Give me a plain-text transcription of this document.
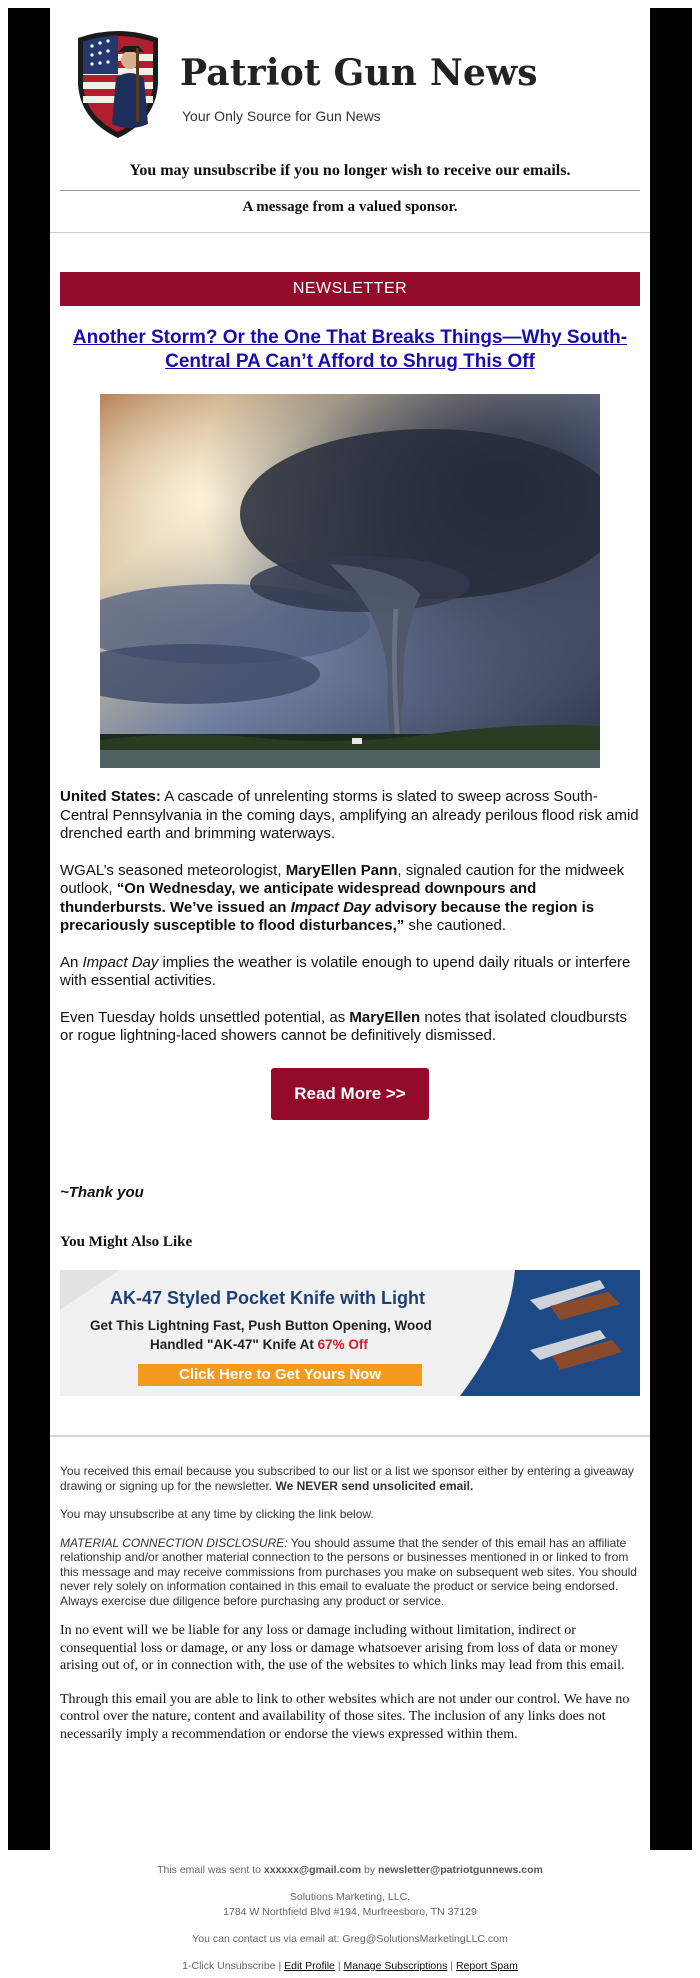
Patriot Gun News
Your Only Source for Gun News
You may unsubscribe if you no longer wish to receive our emails.
A message from a valued sponsor.
NEWSLETTER
Another Storm? Or the One That Breaks Things—Why South-Central PA Can’t Afford to Shrug This Off

United States: A cascade of unrelenting storms is slated to sweep across South-Central Pennsylvania in the coming days, amplifying an already perilous flood risk amid drenched earth and brimming waterways.

WGAL’s seasoned meteorologist, MaryEllen Pann, signaled caution for the midweek outlook, “On Wednesday, we anticipate widespread downpours and thunderbursts. We’ve issued an Impact Day advisory because the region is precariously susceptible to flood disturbances,” she cautioned.

An Impact Day implies the weather is volatile enough to upend daily rituals or interfere with essential activities.

Even Tuesday holds unsettled potential, as MaryEllen notes that isolated cloudbursts or rogue lightning-laced showers cannot be definitively dismissed.

Read More >>
~Thank you
You Might Also Like
AK-47 Styled Pocket Knife with Light
Get This Lightning Fast, Push Button Opening, Wood
Handled "AK-47" Knife At 67% Off
Click Here to Get Yours Now

You received this email because you subscribed to our list or a list we sponsor either by entering a giveaway drawing or signing up for the newsletter. We NEVER send unsolicited email.

You may unsubscribe at any time by clicking the link below.

MATERIAL CONNECTION DISCLOSURE: You should assume that the sender of this email has an affiliate relationship and/or another material connection to the persons or businesses mentioned in or linked to from this message and may receive commissions from purchases you make on subsequent web sites. You should never rely solely on information contained in this email to evaluate the product or service being endorsed. Always exercise due diligence before purchasing any product or service.

In no event will we be liable for any loss or damage including without limitation, indirect or consequential loss or damage, or any loss or damage whatsoever arising from loss of data or money arising out of, or in connection with, the use of the websites to which links may lead from this email.

Through this email you are able to link to other websites which are not under our control. We have no control over the nature, content and availability of those sites. The inclusion of any links does not necessarily imply a recommendation or endorse the views expressed within them.

This email was sent to xxxxxx@gmail.com by newsletter@patriotgunnews.com
Solutions Marketing, LLC.
1784 W Northfield Blvd #194, Murfreesboro, TN 37129
You can contact us via email at: Greg@SolutionsMarketingLLC.com
1-Click Unsubscribe | Edit Profile | Manage Subscriptions | Report Spam
